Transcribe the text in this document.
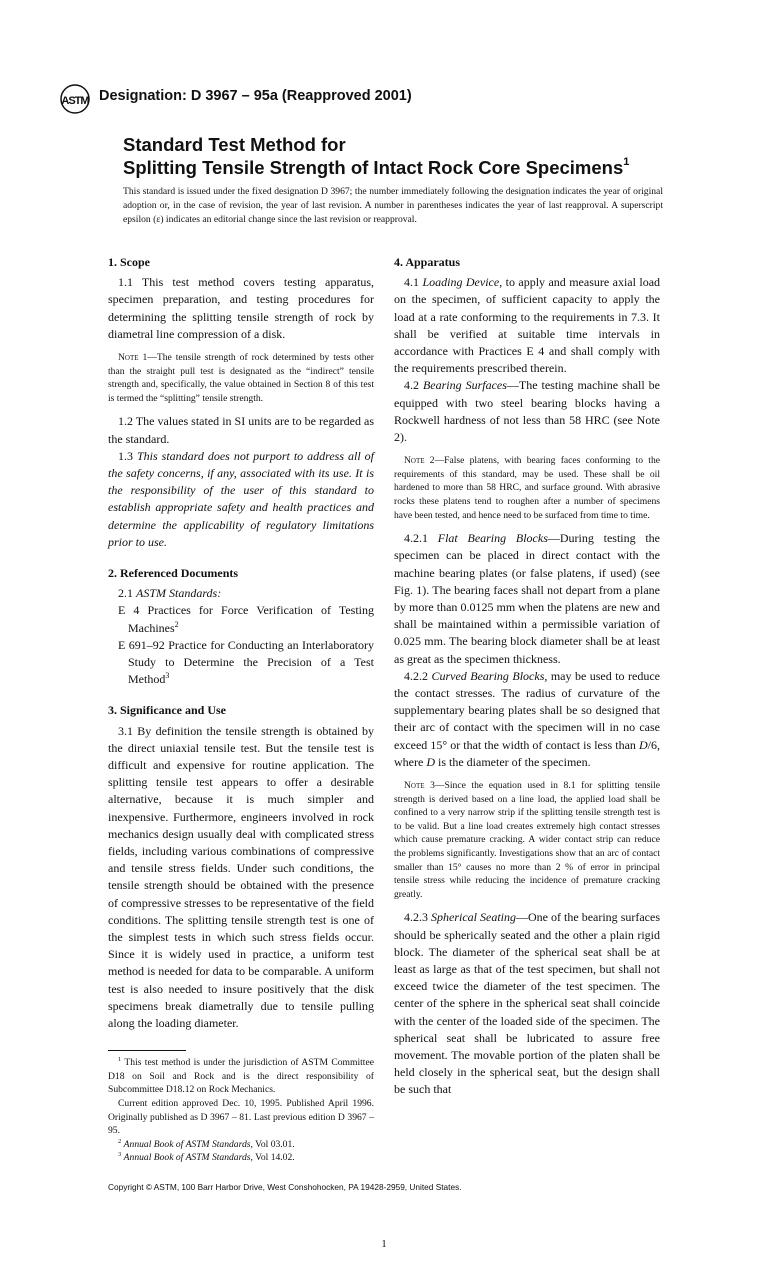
ASTM Designation: D 3967 – 95a (Reapproved 2001)
Standard Test Method for
Splitting Tensile Strength of Intact Rock Core Specimens$^1$
This standard is issued under the fixed designation D 3967; the number immediately following the designation indicates the year of original adoption or, in the case of revision, the year of last revision. A number in parentheses indicates the year of last reapproval. A superscript epsilon (ε) indicates an editorial change since the last revision or reapproval.
1. Scope
1.1 This test method covers testing apparatus, specimen preparation, and testing procedures for determining the splitting tensile strength of rock by diametral line compression of a disk.
Note 1—The tensile strength of rock determined by tests other than the straight pull test is designated as the “indirect” tensile strength and, specifically, the value obtained in Section 8 of this test is termed the “splitting” tensile strength.
1.2 The values stated in SI units are to be regarded as the standard.
1.3 This standard does not purport to address all of the safety concerns, if any, associated with its use. It is the responsibility of the user of this standard to establish appropriate safety and health practices and determine the applicability of regulatory limitations prior to use.
2. Referenced Documents
2.1 ASTM Standards:
E 4 Practices for Force Verification of Testing Machines$^2$
E 691–92 Practice for Conducting an Interlaboratory Study to Determine the Precision of a Test Method$^3$
3. Significance and Use
3.1 By definition the tensile strength is obtained by the direct uniaxial tensile test. But the tensile test is difficult and expensive for routine application. The splitting tensile test appears to offer a desirable alternative, because it is much simpler and inexpensive. Furthermore, engineers involved in rock mechanics design usually deal with complicated stress fields, including various combinations of compressive and tensile stress fields. Under such conditions, the tensile strength should be obtained with the presence of compressive stresses to be representative of the field conditions. The splitting tensile strength test is one of the simplest tests in which such stress fields occur. Since it is widely used in practice, a uniform test method is needed for data to be comparable. A uniform test is also needed to insure positively that the disk specimens break diametrally due to tensile pulling along the loading diameter.
$^1$ This test method is under the jurisdiction of ASTM Committee D18 on Soil and Rock and is the direct responsibility of Subcommittee D18.12 on Rock Mechanics.
Current edition approved Dec. 10, 1995. Published April 1996. Originally published as D 3967 – 81. Last previous edition D 3967 – 95.
$^2$ Annual Book of ASTM Standards, Vol 03.01.
$^3$ Annual Book of ASTM Standards, Vol 14.02.
4. Apparatus
4.1 Loading Device, to apply and measure axial load on the specimen, of sufficient capacity to apply the load at a rate conforming to the requirements in 7.3. It shall be verified at suitable time intervals in accordance with Practices E 4 and shall comply with the requirements prescribed therein.
4.2 Bearing Surfaces—The testing machine shall be equipped with two steel bearing blocks having a Rockwell hardness of not less than 58 HRC (see Note 2).
Note 2—False platens, with bearing faces conforming to the requirements of this standard, may be used. These shall be oil hardened to more than 58 HRC, and surface ground. With abrasive rocks these platens tend to roughen after a number of specimens have been tested, and hence need to be surfaced from time to time.
4.2.1 Flat Bearing Blocks—During testing the specimen can be placed in direct contact with the machine bearing plates (or false platens, if used) (see Fig. 1). The bearing faces shall not depart from a plane by more than 0.0125 mm when the platens are new and shall be maintained within a permissible variation of 0.025 mm. The bearing block diameter shall be at least as great as the specimen thickness.
4.2.2 Curved Bearing Blocks, may be used to reduce the contact stresses. The radius of curvature of the supplementary bearing plates shall be so designed that their arc of contact with the specimen will in no case exceed 15° or that the width of contact is less than D/6, where D is the diameter of the specimen.
Note 3—Since the equation used in 8.1 for splitting tensile strength is derived based on a line load, the applied load shall be confined to a very narrow strip if the splitting tensile strength test is to be valid. But a line load creates extremely high contact stresses which cause premature cracking. A wider contact strip can reduce the problems significantly. Investigations show that an arc of contact smaller than 15° causes no more than 2 % of error in principal tensile stress while reducing the incidence of premature cracking greatly.
4.2.3 Spherical Seating—One of the bearing surfaces should be spherically seated and the other a plain rigid block. The diameter of the spherical seat shall be at least as large as that of the test specimen, but shall not exceed twice the diameter of the test specimen. The center of the sphere in the spherical seat shall coincide with the center of the loaded side of the specimen. The spherical seat shall be lubricated to assure free movement. The movable portion of the platen shall be held closely in the spherical seat, but the design shall be such that
Copyright © ASTM, 100 Barr Harbor Drive, West Conshohocken, PA 19428-2959, United States.
1
